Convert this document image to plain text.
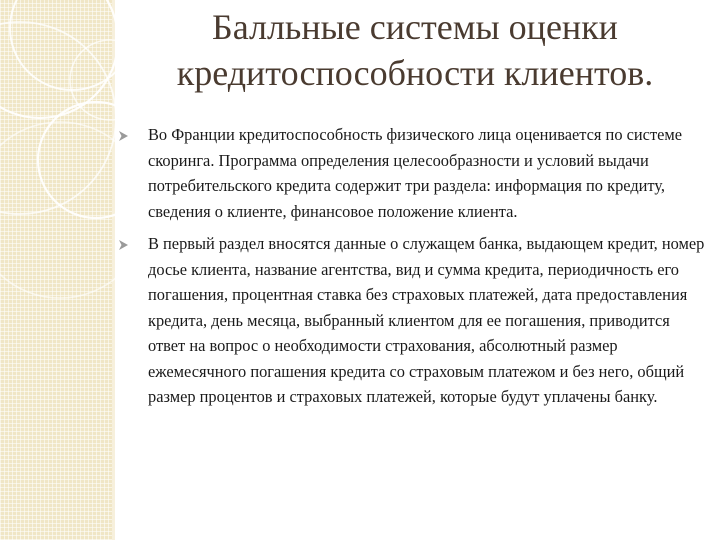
Балльные системы оценки
кредитоспособности клиентов.
Во Франции кредитоспособность физического лица оценивается по системе скоринга. Программа определения целесообразности и условий выдачи потребительского кредита содержит три раздела: информация по кредиту, сведения о клиенте, финансовое положение клиента.
В первый раздел вносятся данные о служащем банка, выдающем кредит, номер досье клиента, название агентства, вид и сумма кредита, периодичность его погашения, процентная ставка без страховых платежей, дата предоставления кредита, день месяца, выбранный клиентом для ее погашения, приводится ответ на вопрос о необходимости страхования, абсолютный размер ежемесячного погашения кредита со страховым платежом и без него, общий размер процентов и страховых платежей, которые будут уплачены банку.
